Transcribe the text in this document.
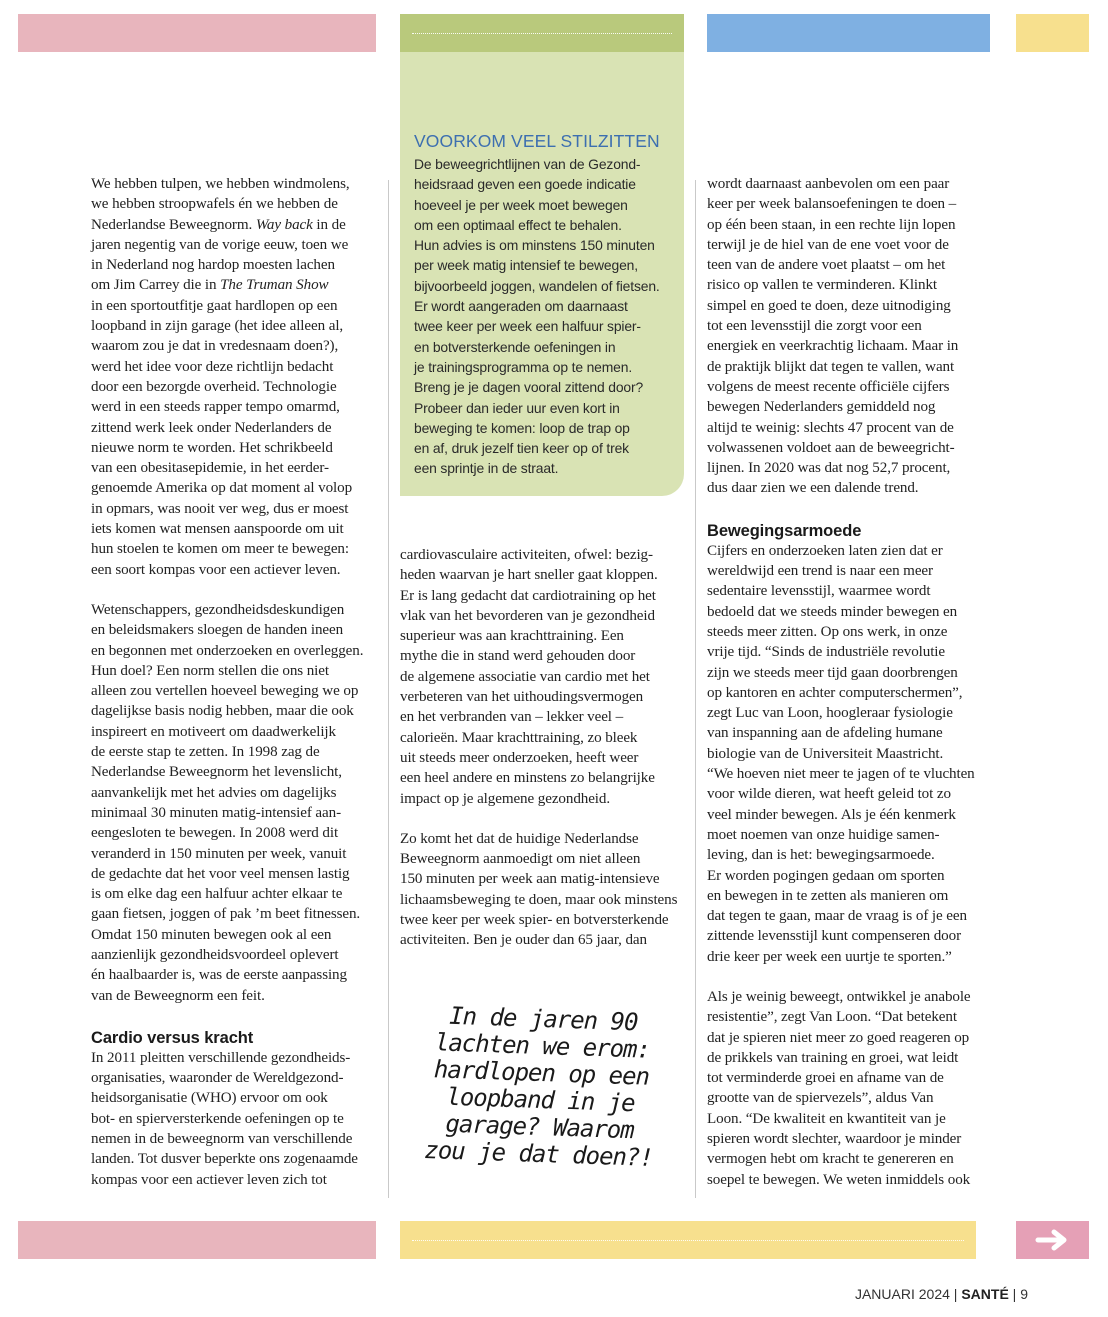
VOORKOM VEEL STILZITTEN
De beweegrichtlijnen van de Gezond-
heidsraad geven een goede indicatie
hoeveel je per week moet bewegen
om een optimaal effect te behalen.
Hun advies is om minstens 150 minuten
per week matig intensief te bewegen,
bijvoorbeeld joggen, wandelen of fietsen.
Er wordt aangeraden om daarnaast
twee keer per week een halfuur spier-
en botversterkende oefeningen in
je trainingsprogramma op te nemen.
Breng je je dagen vooral zittend door?
Probeer dan ieder uur even kort in
beweging te komen: loop de trap op
en af, druk jezelf tien keer op of trek
een sprintje in de straat.

We hebben tulpen, we hebben windmolens,
we hebben stroopwafels én we hebben de
Nederlandse Beweegnorm. Way back in de
jaren negentig van de vorige eeuw, toen we
in Nederland nog hardop moesten lachen
om Jim Carrey die in The Truman Show
in een sportoutfitje gaat hardlopen op een
loopband in zijn garage (het idee alleen al,
waarom zou je dat in vredesnaam doen?),
werd het idee voor deze richtlijn bedacht
door een bezorgde overheid. Technologie
werd in een steeds rapper tempo omarmd,
zittend werk leek onder Nederlanders de
nieuwe norm te worden. Het schrikbeeld
van een obesitasepidemie, in het eerder-
genoemde Amerika op dat moment al volop
in opmars, was nooit ver weg, dus er moest
iets komen wat mensen aanspoorde om uit
hun stoelen te komen om meer te bewegen:
een soort kompas voor een actiever leven.

Wetenschappers, gezondheidsdeskundigen
en beleidsmakers sloegen de handen ineen
en begonnen met onderzoeken en overleggen.
Hun doel? Een norm stellen die ons niet
alleen zou vertellen hoeveel beweging we op
dagelijkse basis nodig hebben, maar die ook
inspireert en motiveert om daadwerkelijk
de eerste stap te zetten. In 1998 zag de
Nederlandse Beweegnorm het levenslicht,
aanvankelijk met het advies om dagelijks
minimaal 30 minuten matig-intensief aan-
eengesloten te bewegen. In 2008 werd dit
veranderd in 150 minuten per week, vanuit
de gedachte dat het voor veel mensen lastig
is om elke dag een halfuur achter elkaar te
gaan fietsen, joggen of pak ’m beet fitnessen.
Omdat 150 minuten bewegen ook al een
aanzienlijk gezondheidsvoordeel oplevert
én haalbaarder is, was de eerste aanpassing
van de Beweegnorm een feit.

Cardio versus kracht

In 2011 pleitten verschillende gezondheids-
organisaties, waaronder de Wereldgezond-
heidsorganisatie (WHO) ervoor om ook
bot- en spierversterkende oefeningen op te
nemen in de beweegnorm van verschillende
landen. Tot dusver beperkte ons zogenaamde
kompas voor een actiever leven zich tot

cardiovasculaire activiteiten, ofwel: bezig-
heden waarvan je hart sneller gaat kloppen.
Er is lang gedacht dat cardiotraining op het
vlak van het bevorderen van je gezondheid
superieur was aan krachttraining. Een
mythe die in stand werd gehouden door
de algemene associatie van cardio met het
verbeteren van het uithoudingsvermogen
en het verbranden van – lekker veel –
calorieën. Maar krachttraining, zo bleek
uit steeds meer onderzoeken, heeft weer
een heel andere en minstens zo belangrijke
impact op je algemene gezondheid.

Zo komt het dat de huidige Nederlandse
Beweegnorm aanmoedigt om niet alleen
150 minuten per week aan matig-intensieve
lichaamsbeweging te doen, maar ook minstens
twee keer per week spier- en botversterkende
activiteiten. Ben je ouder dan 65 jaar, dan

In de jaren 90
lachten we erom:
hardlopen op een
loopband in je
garage? Waarom
zou je dat doen?!

wordt daarnaast aanbevolen om een paar
keer per week balansoefeningen te doen –
op één been staan, in een rechte lijn lopen
terwijl je de hiel van de ene voet voor de
teen van de andere voet plaatst – om het
risico op vallen te verminderen. Klinkt
simpel en goed te doen, deze uitnodiging
tot een levensstijl die zorgt voor een
energiek en veerkrachtig lichaam. Maar in
de praktijk blijkt dat tegen te vallen, want
volgens de meest recente officiële cijfers
bewegen Nederlanders gemiddeld nog
altijd te weinig: slechts 47 procent van de
volwassenen voldoet aan de beweegricht-
lijnen. In 2020 was dat nog 52,7 procent,
dus daar zien we een dalende trend.

Bewegingsarmoede

Cijfers en onderzoeken laten zien dat er
wereldwijd een trend is naar een meer
sedentaire levensstijl, waarmee wordt
bedoeld dat we steeds minder bewegen en
steeds meer zitten. Op ons werk, in onze
vrije tijd. “Sinds de industriële revolutie
zijn we steeds meer tijd gaan doorbrengen
op kantoren en achter computerschermen”,
zegt Luc van Loon, hoogleraar fysiologie
van inspanning aan de afdeling humane
biologie van de Universiteit Maastricht.
“We hoeven niet meer te jagen of te vluchten
voor wilde dieren, wat heeft geleid tot zo
veel minder bewegen. Als je één kenmerk
moet noemen van onze huidige samen-
leving, dan is het: bewegingsarmoede.
Er worden pogingen gedaan om sporten
en bewegen in te zetten als manieren om
dat tegen te gaan, maar de vraag is of je een
zittende levensstijl kunt compenseren door
drie keer per week een uurtje te sporten.”

Als je weinig beweegt, ontwikkel je anabole
resistentie”, zegt Van Loon. “Dat betekent
dat je spieren niet meer zo goed reageren op
de prikkels van training en groei, wat leidt
tot verminderde groei en afname van de
grootte van de spiervezels”, aldus Van
Loon. “De kwaliteit en kwantiteit van je
spieren wordt slechter, waardoor je minder
vermogen hebt om kracht te genereren en
soepel te bewegen. We weten inmiddels ook

JANUARI 2024 | SANTÉ | 9
